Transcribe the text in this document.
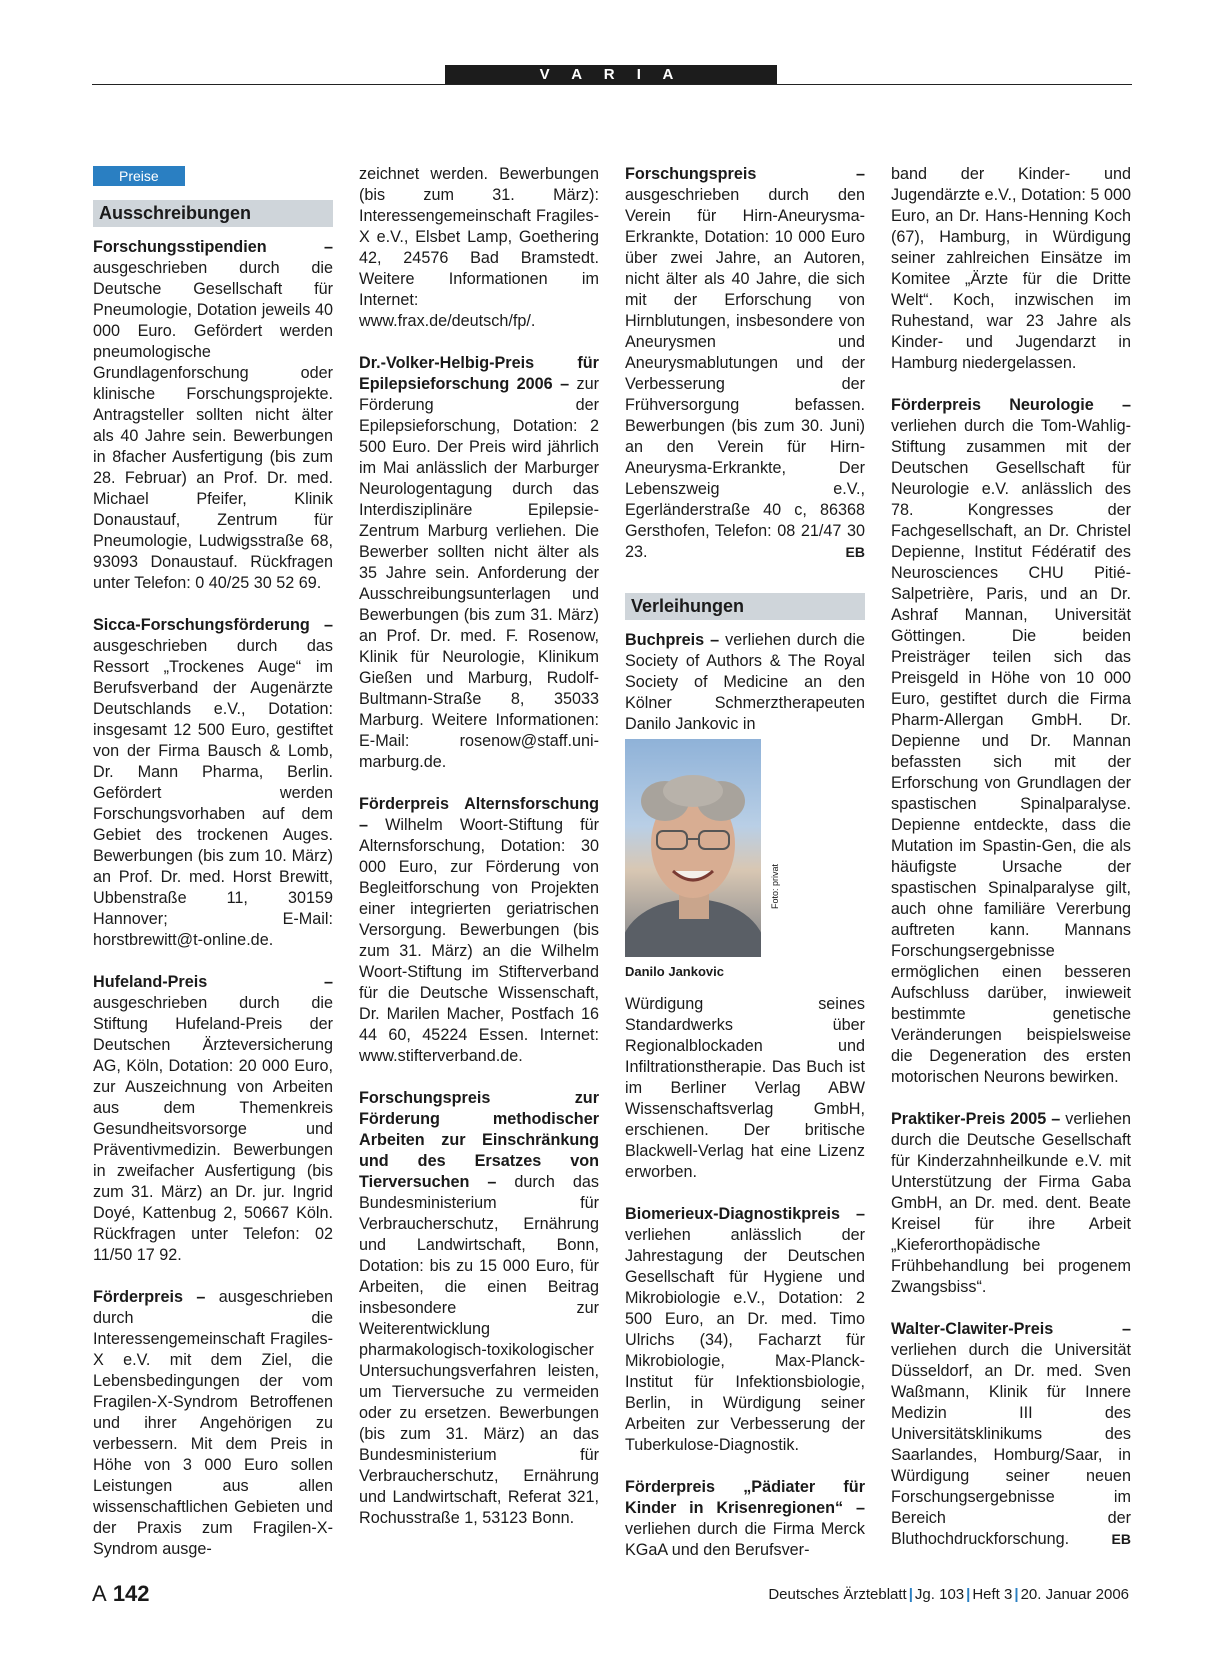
V A R I A
Preise
Ausschreibungen

Forschungsstipendien – ausgeschrieben durch die Deutsche Gesellschaft für Pneumologie, Dotation jeweils 40 000 Euro. Gefördert werden pneumologische Grundlagenforschung oder klinische Forschungsprojekte. Antragsteller sollten nicht älter als 40 Jahre sein. Bewerbungen in 8facher Ausfertigung (bis zum 28. Februar) an Prof. Dr. med. Michael Pfeifer, Klinik Donaustauf, Zentrum für Pneumologie, Ludwigsstraße 68, 93093 Donaustauf. Rückfragen unter Telefon: 0 40/25 30 52 69.

Sicca-Forschungsförderung – ausgeschrieben durch das Ressort „Trockenes Auge“ im Berufsverband der Augenärzte Deutschlands e.V., Dotation: insgesamt 12 500 Euro, gestiftet von der Firma Bausch & Lomb, Dr. Mann Pharma, Berlin. Gefördert werden Forschungsvorhaben auf dem Gebiet des trockenen Auges. Bewerbungen (bis zum 10. März) an Prof. Dr. med. Horst Brewitt, Ubbenstraße 11, 30159 Hannover; E-Mail: horstbrewitt@t-online.de.

Hufeland-Preis – ausgeschrieben durch die Stiftung Hufeland-Preis der Deutschen Ärzteversicherung AG, Köln, Dotation: 20 000 Euro, zur Auszeichnung von Arbeiten aus dem Themenkreis Gesundheitsvorsorge und Präventivmedizin. Bewerbungen in zweifacher Ausfertigung (bis zum 31. März) an Dr. jur. Ingrid Doyé, Kattenbug 2, 50667 Köln. Rückfragen unter Telefon: 02 11/50 17 92.

Förderpreis – ausgeschrieben durch die Interessengemeinschaft Fragiles-X e.V. mit dem Ziel, die Lebensbedingungen der vom Fragilen-X-Syndrom Betroffenen und ihrer Angehörigen zu verbessern. Mit dem Preis in Höhe von 3 000 Euro sollen Leistungen aus allen wissenschaftlichen Gebieten und der Praxis zum Fragilen-X-Syndrom ausge-

zeichnet werden. Bewerbungen (bis zum 31. März): Interessengemeinschaft Fragiles-X e.V., Elsbet Lamp, Goethering 42, 24576 Bad Bramstedt. Weitere Informationen im Internet: www.frax.de/deutsch/fp/.

Dr.-Volker-Helbig-Preis für Epilepsieforschung 2006 – zur Förderung der Epilepsieforschung, Dotation: 2 500 Euro. Der Preis wird jährlich im Mai anlässlich der Marburger Neurologentagung durch das Interdisziplinäre Epilepsie-Zentrum Marburg verliehen. Die Bewerber sollten nicht älter als 35 Jahre sein. Anforderung der Ausschreibungsunterlagen und Bewerbungen (bis zum 31. März) an Prof. Dr. med. F. Rosenow, Klinik für Neurologie, Klinikum Gießen und Marburg, Rudolf-Bultmann-Straße 8, 35033 Marburg. Weitere Informationen: E-Mail: rosenow@staff.uni-marburg.de.

Förderpreis Alternsforschung – Wilhelm Woort-Stiftung für Alternsforschung, Dotation: 30 000 Euro, zur Förderung von Begleitforschung von Projekten einer integrierten geriatrischen Versorgung. Bewerbungen (bis zum 31. März) an die Wilhelm Woort-Stiftung im Stifterverband für die Deutsche Wissenschaft, Dr. Marilen Macher, Postfach 16 44 60, 45224 Essen. Internet: www.stifterverband.de.

Forschungspreis zur Förderung methodischer Arbeiten zur Einschränkung und des Ersatzes von Tierversuchen – durch das Bundesministerium für Verbraucherschutz, Ernährung und Landwirtschaft, Bonn, Dotation: bis zu 15 000 Euro, für Arbeiten, die einen Beitrag insbesondere zur Weiterentwicklung pharmakologisch-toxikologischer Untersuchungsverfahren leisten, um Tierversuche zu vermeiden oder zu ersetzen. Bewerbungen (bis zum 31. März) an das Bundesministerium für Verbraucherschutz, Ernährung und Landwirtschaft, Referat 321, Rochusstraße 1, 53123 Bonn.

Forschungspreis – ausgeschrieben durch den Verein für Hirn-Aneurysma-Erkrankte, Dotation: 10 000 Euro über zwei Jahre, an Autoren, nicht älter als 40 Jahre, die sich mit der Erforschung von Hirnblutungen, insbesondere von Aneurysmen und Aneurysmablutungen und der Verbesserung der Frühversorgung befassen. Bewerbungen (bis zum 30. Juni) an den Verein für Hirn-Aneurysma-Erkrankte, Der Lebenszweig e.V., Egerländerstraße 40 c, 86368 Gersthofen, Telefon: 08 21/47 30 23.	EB

Verleihungen

Buchpreis – verliehen durch die Society of Authors & The Royal Society of Medicine an den Kölner Schmerztherapeuten Danilo Jankovic in

Foto: privat
Danilo Jankovic

Würdigung seines Standardwerks über Regionalblockaden und Infiltrationstherapie. Das Buch ist im Berliner Verlag ABW Wissenschaftsverlag GmbH, erschienen. Der britische Blackwell-Verlag hat eine Lizenz erworben.

Biomerieux-Diagnostikpreis – verliehen anlässlich der Jahrestagung der Deutschen Gesellschaft für Hygiene und Mikrobiologie e.V., Dotation: 2 500 Euro, an Dr. med. Timo Ulrichs (34), Facharzt für Mikrobiologie, Max-Planck-Institut für Infektionsbiologie, Berlin, in Würdigung seiner Arbeiten zur Verbesserung der Tuberkulose-Diagnostik.

Förderpreis „Pädiater für Kinder in Krisenregionen“ – verliehen durch die Firma Merck KGaA und den Berufsver-

band der Kinder- und Jugendärzte e.V., Dotation: 5 000 Euro, an Dr. Hans-Henning Koch (67), Hamburg, in Würdigung seiner zahlreichen Einsätze im Komitee „Ärzte für die Dritte Welt“. Koch, inzwischen im Ruhestand, war 23 Jahre als Kinder- und Jugendarzt in Hamburg niedergelassen.

Förderpreis Neurologie – verliehen durch die Tom-Wahlig-Stiftung zusammen mit der Deutschen Gesellschaft für Neurologie e.V. anlässlich des 78. Kongresses der Fachgesellschaft, an Dr. Christel Depienne, Institut Fédératif des Neurosciences CHU Pitié-Salpetrière, Paris, und an Dr. Ashraf Mannan, Universität Göttingen. Die beiden Preisträger teilen sich das Preisgeld in Höhe von 10 000 Euro, gestiftet durch die Firma Pharm-Allergan GmbH. Dr. Depienne und Dr. Mannan befassten sich mit der Erforschung von Grundlagen der spastischen Spinalparalyse. Depienne entdeckte, dass die Mutation im Spastin-Gen, die als häufigste Ursache der spastischen Spinalparalyse gilt, auch ohne familiäre Vererbung auftreten kann. Mannans Forschungsergebnisse ermöglichen einen besseren Aufschluss darüber, inwieweit bestimmte genetische Veränderungen beispielsweise die Degeneration des ersten motorischen Neurons bewirken.

Praktiker-Preis 2005 – verliehen durch die Deutsche Gesellschaft für Kinderzahnheilkunde e.V. mit Unterstützung der Firma Gaba GmbH, an Dr. med. dent. Beate Kreisel für ihre Arbeit „Kieferorthopädische Frühbehandlung bei progenem Zwangsbiss“.

Walter-Clawiter-Preis – verliehen durch die Universität Düsseldorf, an Dr. med. Sven Waßmann, Klinik für Innere Medizin III des Universitätsklinikums des Saarlandes, Homburg/Saar, in Würdigung seiner neuen Forschungsergebnisse im Bereich der Bluthochdruckforschung.	EB

A 142	Deutsches Ärzteblatt | Jg. 103 | Heft 3 | 20. Januar 2006
